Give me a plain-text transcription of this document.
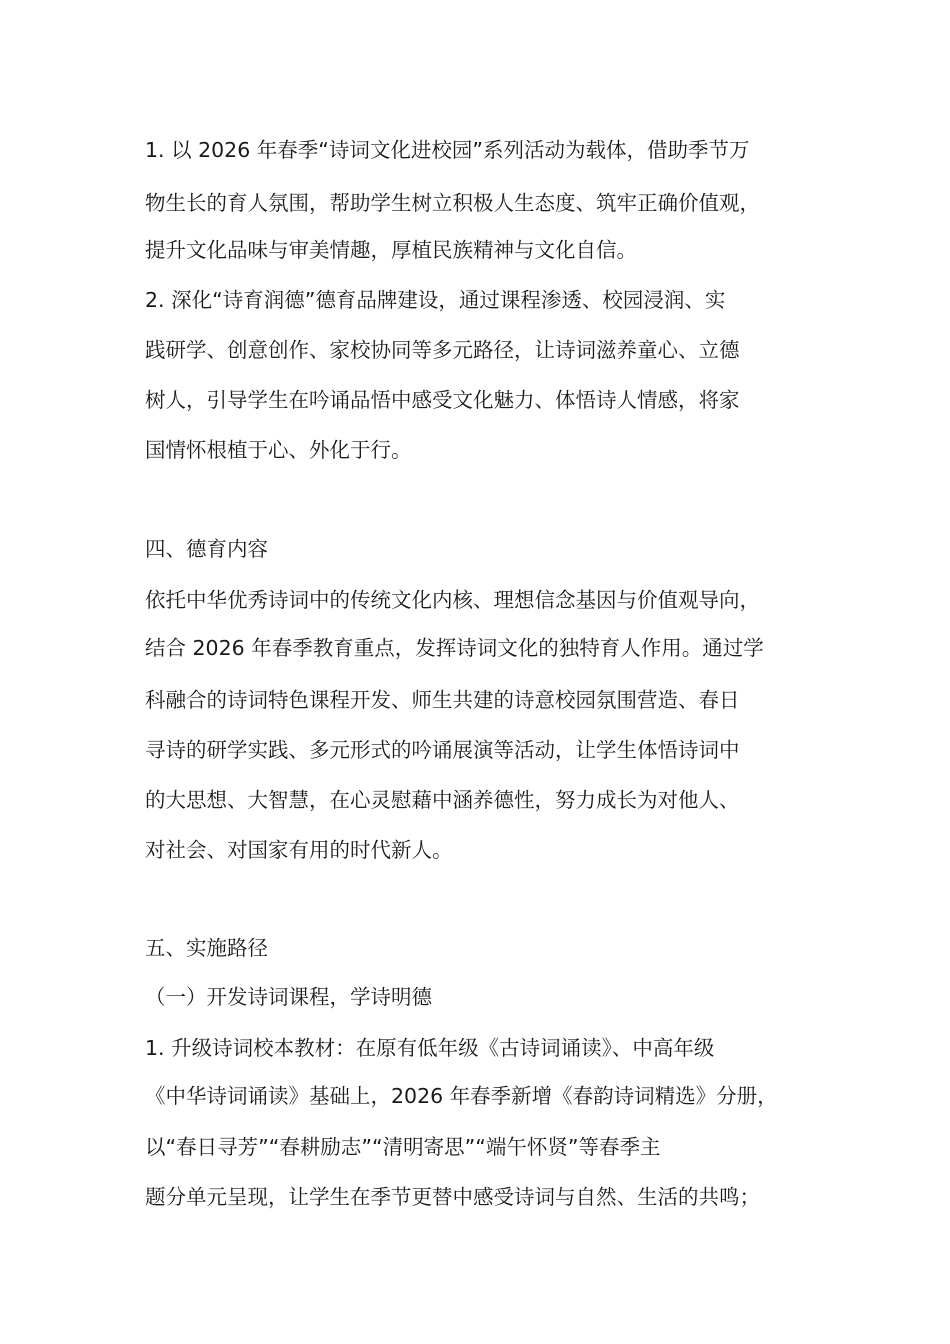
1. 以 2026 年春季“诗词文化进校园”系列活动为载体，借助季节万

物生长的育人氛围，帮助学生树立积极人生态度、筑牢正确价值观，

提升文化品味与审美情趣，厚植民族精神与文化自信。

2. 深化“诗育润德”德育品牌建设，通过课程渗透、校园浸润、实

践研学、创意创作、家校协同等多元路径，让诗词滋养童心、立德

树人，引导学生在吟诵品悟中感受文化魅力、体悟诗人情感，将家

国情怀根植于心、外化于行。

四、德育内容

依托中华优秀诗词中的传统文化内核、理想信念基因与价值观导向，

结合 2026 年春季教育重点，发挥诗词文化的独特育人作用。通过学

科融合的诗词特色课程开发、师生共建的诗意校园氛围营造、春日

寻诗的研学实践、多元形式的吟诵展演等活动，让学生体悟诗词中

的大思想、大智慧，在心灵慰藉中涵养德性，努力成长为对他人、

对社会、对国家有用的时代新人。

五、实施路径

（一）开发诗词课程，学诗明德

1. 升级诗词校本教材：在原有低年级《古诗词诵读》、中高年级

《中华诗词诵读》基础上，2026 年春季新增《春韵诗词精选》分册，

以“春日寻芳”“春耕励志”“清明寄思”“端午怀贤”等春季主

题分单元呈现，让学生在季节更替中感受诗词与自然、生活的共鸣；
